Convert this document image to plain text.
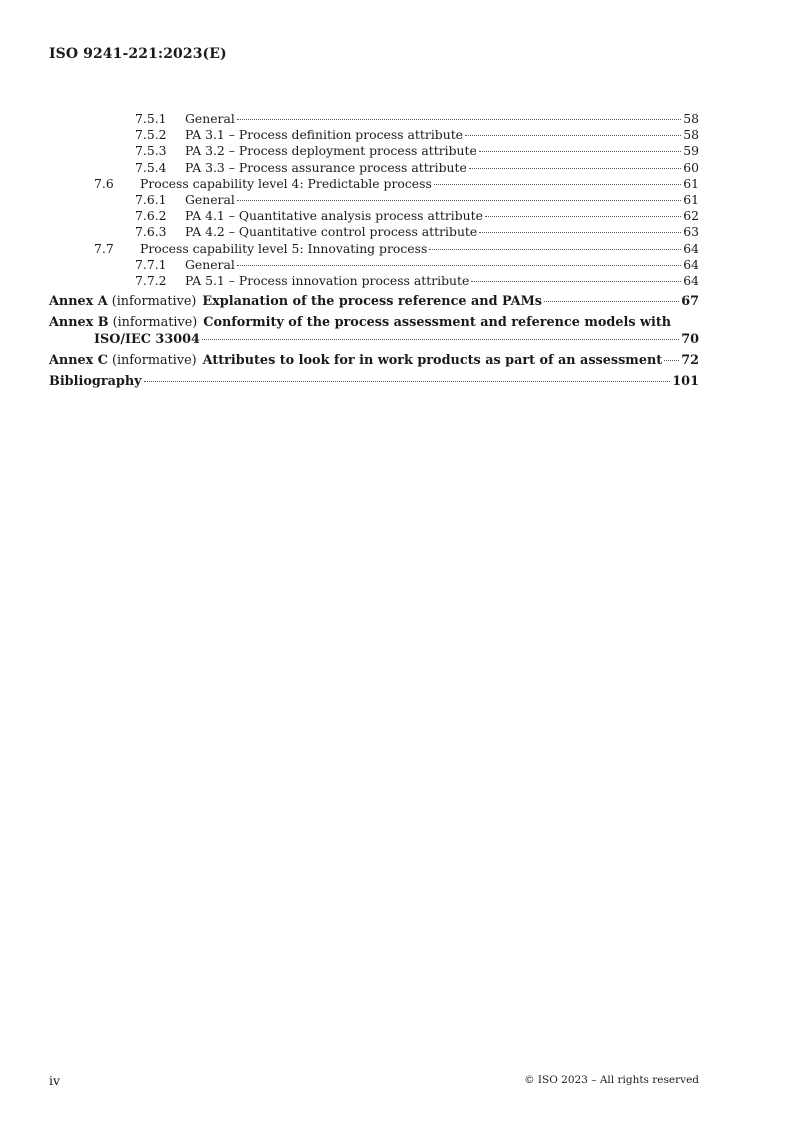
ISO 9241-221:2023(E)
7.5.1	General	58
7.5.2	PA 3.1 – Process definition process attribute	58
7.5.3	PA 3.2 – Process deployment process attribute	59
7.5.4	PA 3.3 – Process assurance process attribute	60
7.6	Process capability level 4: Predictable process	61
7.6.1	General	61
7.6.2	PA 4.1 – Quantitative analysis process attribute	62
7.6.3	PA 4.2 – Quantitative control process attribute	63
7.7	Process capability level 5: Innovating process	64
7.7.1	General	64
7.7.2	PA 5.1 – Process innovation process attribute	64
Annex A (informative) Explanation of the process reference and PAMs	67
Annex B (informative) Conformity of the process assessment and reference models with
ISO/IEC 33004	70
Annex C (informative) Attributes to look for in work products as part of an assessment 72
Bibliography	101
iv	© ISO 2023 – All rights reserved
